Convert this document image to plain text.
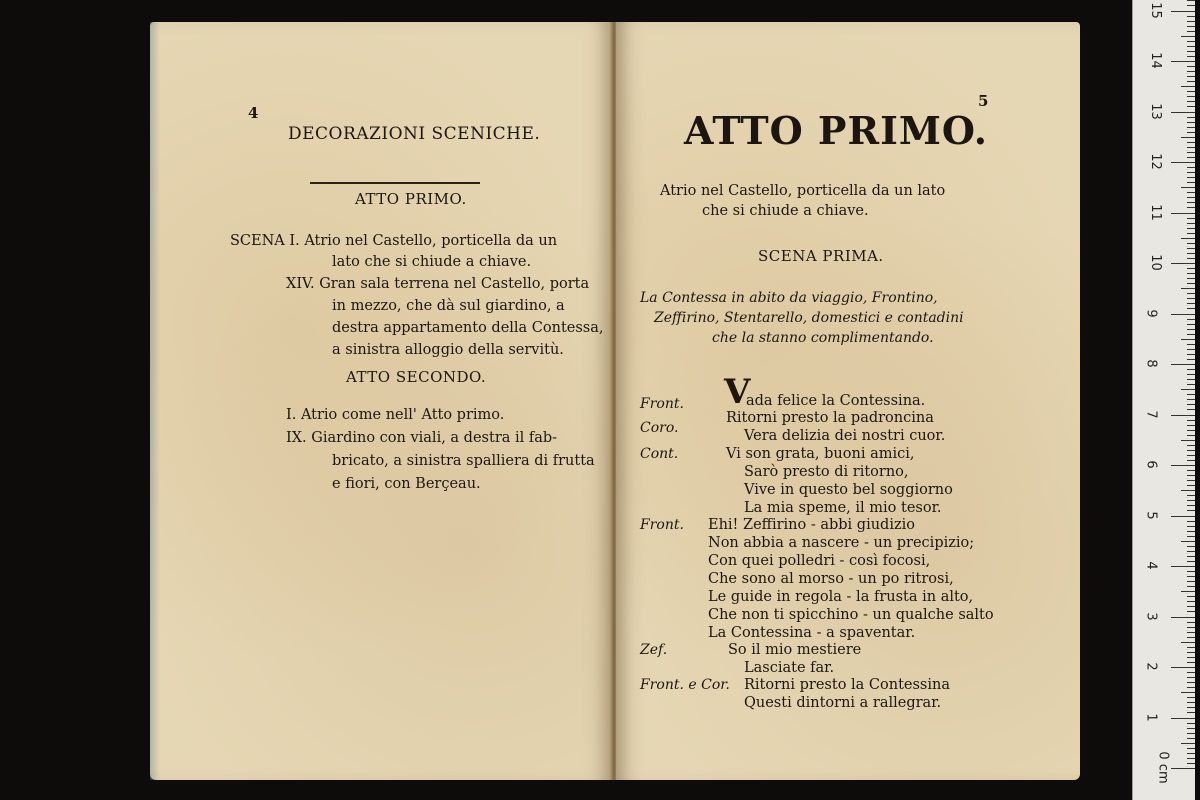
4
DECORAZIONI SCENICHE.
ATTO PRIMO.
SCENA I. Atrio nel Castello, porticella da un
lato che si chiude a chiave.
XIV. Gran sala terrena nel Castello, porta
in mezzo, che dà sul giardino, a
destra appartamento della Contessa,
a sinistra alloggio della servitù.
ATTO SECONDO.
I. Atrio come nell' Atto primo.
IX. Giardino con viali, a destra il fab-
bricato, a sinistra spalliera di frutta
e fiori, con Berçeau.
5
ATTO PRIMO.
Atrio nel Castello, porticella da un lato
che si chiude a chiave.
SCENA PRIMA.
La Contessa in abito da viaggio, Frontino,
Zeffirino, Stentarello, domestici e contadini
che la stanno complimentando.
V
Front.	ada felice la Contessina.
Ritorni presto la padroncina
Coro.	Vera delizia dei nostri cuor.
Cont.	Vi son grata, buoni amici,
Sarò presto di ritorno,
Vive in questo bel soggiorno
La mia speme, il mio tesor.
Front. Ehi! Zeffirino - abbi giudizio
Non abbia a nascere - un precipizio;
Con quei polledri - così focosi,
Che sono al morso - un po ritrosi,
Le guide in regola - la frusta in alto,
Che non ti spicchino - un qualche salto
La Contessina - a spaventar.
Zef.	So il mio mestiere
Lasciate far.
Front. e Cor. Ritorni presto la Contessina
Questi dintorni a rallegrar.
0 cm
1
2
3
4
5
6
7
8
9
10
11
12
13
14
15
